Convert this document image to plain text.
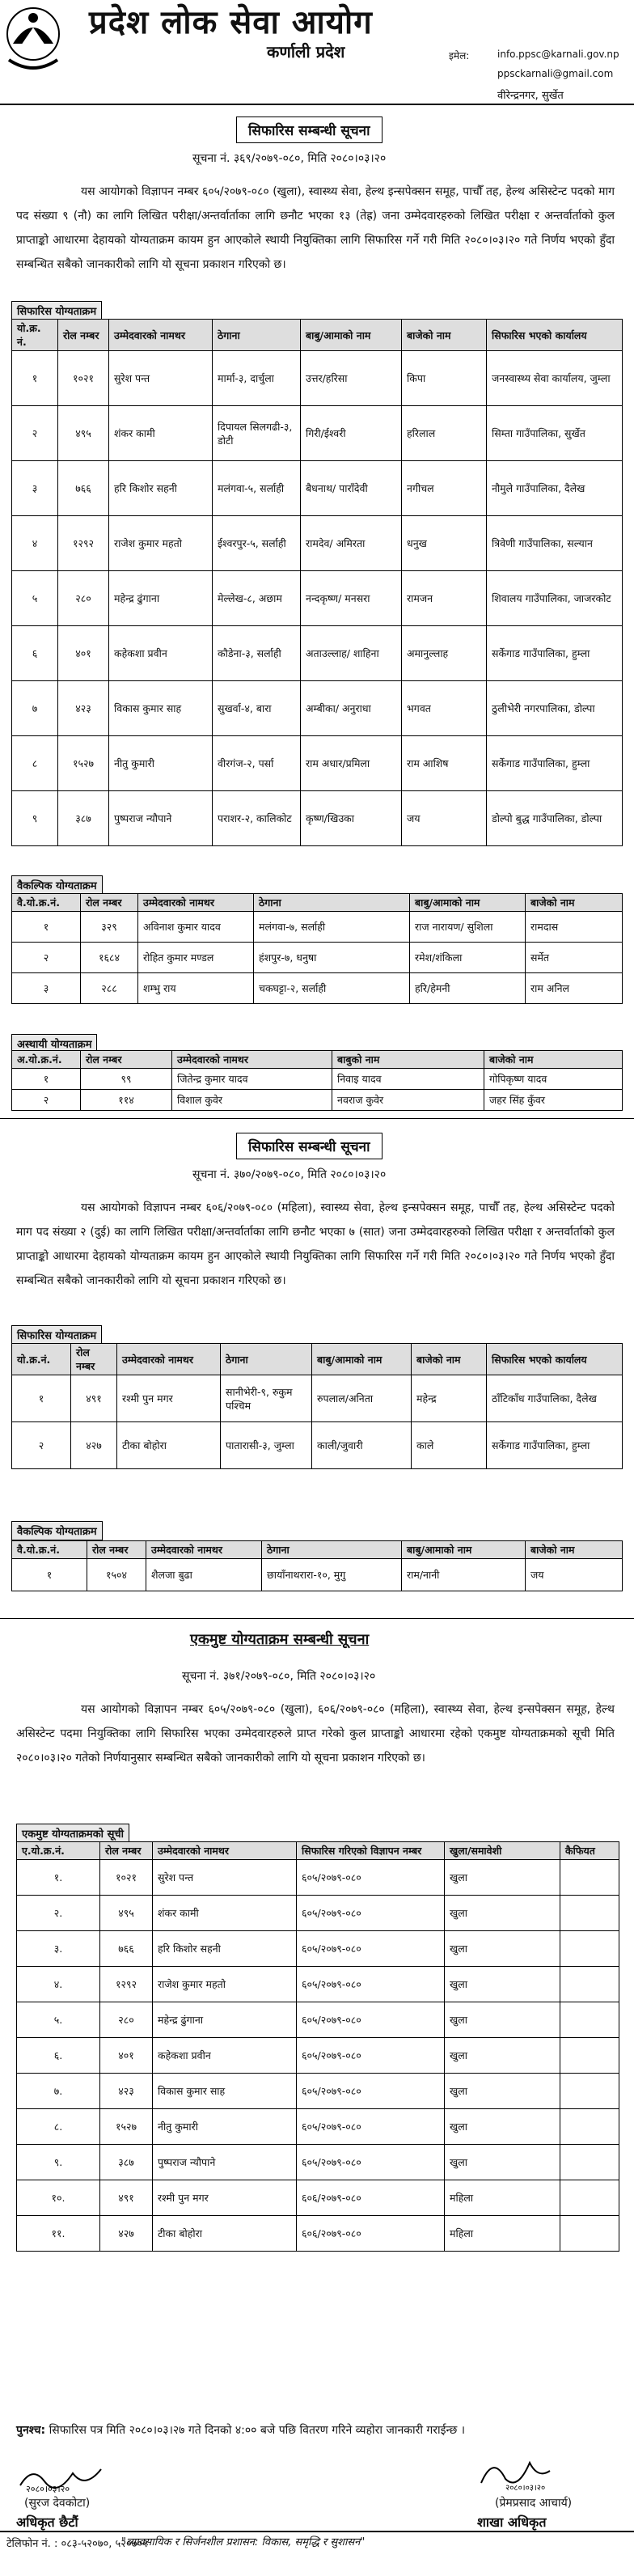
प्रदेश लोक सेवा आयोग
कर्णाली प्रदेश	इमेल:	info.ppsc@karnali.gov.np
ppsckarnali@gmail.com
वीरेन्द्रनगर, सुर्खेत
सिफारिस सम्बन्धी सूचना
सूचना नं. ३६९/२०७९-०८०, मिति २०८०।०३।२०
यस आयोगको विज्ञापन नम्बर ६०५/२०७९-०८० (खुला), स्वास्थ्य सेवा, हेल्थ इन्सपेक्सन समूह, पाचौँ तह, हेल्थ असिस्टेन्ट पदको माग पद संख्या ९ (नौ) का लागि लिखित परीक्षा/अन्तर्वार्ताका लागि छनौट भएका १३ (तेह्र) जना उम्मेदवारहरुको लिखित परीक्षा र अन्तर्वार्ताको कुल प्राप्ताङ्को आधारमा देहायको योग्यताक्रम कायम हुन आएकोले स्थायी नियुक्तिका लागि सिफारिस गर्ने गरी मिति २०८०।०३।२० गते निर्णय भएको हुँदा सम्बन्धित सबैको जानकारीको लागि यो सूचना प्रकाशन गरिएको छ।
सिफारिस योग्यताक्रम
यो.क्र. नं.	रोल नम्बर	उम्मेदवारको नामथर	ठेगाना	बाबु/आमाको नाम	बाजेको नाम	सिफारिस भएको कार्यालय
१	१०२१	सुरेश पन्त	मार्मा-३, दार्चुला	उत्तर/हरिसा	किपा	जनस्वास्थ्य सेवा कार्यालय, जुम्ला
२	४९५	शंकर कामी	दिपायल सिलगढी-३, डोटी	गिरी/ईश्वरी	हरिलाल	सिम्ता गाउँपालिका, सुर्खेत
३	७६६	हरि किशोर सहनी	मलंगवा-५, सर्लाही	बैधनाथ/ पाराँदेवी	नगीचल	नौमुले गाउँपालिका, दैलेख
४	१२९२	राजेश कुमार महतो	ईश्वरपुर-५, सर्लाही	रामदेव/ अमिरता	धनुख	त्रिवेणी गाउँपालिका, सल्यान
५	२८०	महेन्द्र ढुंगाना	मेल्लेख-८, अछाम	नन्दकृष्ण/ मनसरा	रामजन	शिवालय गाउँपालिका, जाजरकोट
६	४०१	कहेकशा प्रवीन	कौडेना-३, सर्लाही	अताउल्लाह/ शाहिना	अमानुल्लाह	सर्केगाड गाउँपालिका, हुम्ला
७	४२३	विकास कुमार साह	सुखर्वा-४, बारा	अम्बीका/ अनुराधा	भगवत	ठुलीभेरी नगरपालिका, डोल्पा
८	१५२७	नीतु कुमारी	वीरगंज-२, पर्सा	राम अधार/प्रमिला	राम आशिष	सर्केगाड गाउँपालिका, हुम्ला
९	३८७	पुष्पराज न्यौपाने	पराशर-२, कालिकोट	कृष्ण/खिउका	जय	डोल्पो बुद्ध गाउँपालिका, डोल्पा
वैकल्पिक योग्यताक्रम
वै.यो.क्र.नं.	रोल नम्बर	उम्मेदवारको नामथर	ठेगाना	बाबु/आमाको नाम	बाजेको नाम
१	३२९	अविनाश कुमार यादव	मलंगवा-७, सर्लाही	राज नारायण/ सुशिला	रामदास
२	१६८४	रोहित कुमार मण्डल	हंशपुर-७, धनुषा	रमेश/शंकिला	सर्मेत
३	२८८	शम्भु राय	चकघट्टा-२, सर्लाही	हरि/हेमनी	राम अनिल
अस्थायी योग्यताक्रम
अ.यो.क्र.नं.	रोल नम्बर	उम्मेदवारको नामथर	बाबुको नाम	बाजेको नाम
१	९९	जितेन्द्र कुमार यादव	निवाइ यादव	गोपिकृष्ण यादव
२	११४	विशाल कुवेर	नवराज कुवेर	जहर सिंह कुँवर
सिफारिस सम्बन्धी सूचना
सूचना नं. ३७०/२०७९-०८०, मिति २०८०।०३।२०
यस आयोगको विज्ञापन नम्बर ६०६/२०७९-०८० (महिला), स्वास्थ्य सेवा, हेल्थ इन्सपेक्सन समूह, पाचौँ तह, हेल्थ असिस्टेन्ट पदको माग पद संख्या २ (दुई) का लागि लिखित परीक्षा/अन्तर्वार्ताका लागि छनौट भएका ७ (सात) जना उम्मेदवारहरुको लिखित परीक्षा र अन्तर्वार्ताको कुल प्राप्ताङ्को आधारमा देहायको योग्यताक्रम कायम हुन आएकोले स्थायी नियुक्तिका लागि सिफारिस गर्ने गरी मिति २०८०।०३।२० गते निर्णय भएको हुँदा सम्बन्धित सबैको जानकारीको लागि यो सूचना प्रकाशन गरिएको छ।
सिफारिस योग्यताक्रम
यो.क्र.नं.	रोल नम्बर	उम्मेदवारको नामथर	ठेगाना	बाबु/आमाको नाम	बाजेको नाम	सिफारिस भएको कार्यालय
१	४९१	रश्मी पुन मगर	सानीभेरी-९, रुकुम पश्चिम	रुपलाल/अनिता	महेन्द्र	ठाँटिकाँध गाउँपालिका, दैलेख
२	४२७	टीका बोहोरा	पातारासी-३, जुम्ला	काली/जुवारी	काले	सर्केगाड गाउँपालिका, हुम्ला
वैकल्पिक योग्यताक्रम
वै.यो.क्र.नं.	रोल नम्बर	उम्मेदवारको नामथर	ठेगाना	बाबु/आमाको नाम	बाजेको नाम
१	१५०४	शैलजा बुढा	छायाँनाथरारा-१०, मुगु	राम/नानी	जय
एकमुष्ट योग्यताक्रम सम्बन्धी सूचना
सूचना नं. ३७१/२०७९-०८०, मिति २०८०।०३।२०
यस आयोगको विज्ञापन नम्बर ६०५/२०७९-०८० (खुला), ६०६/२०७९-०८० (महिला), स्वास्थ्य सेवा, हेल्थ इन्सपेक्सन समूह, हेल्थ असिस्टेन्ट पदमा नियुक्तिका लागि सिफारिस भएका उम्मेदवारहरुले प्राप्त गरेको कुल प्राप्ताङ्को आधारमा रहेको एकमुष्ट योग्यताक्रमको सूची मिति २०८०।०३।२० गतेको निर्णयानुसार सम्बन्धित सबैको जानकारीको लागि यो सूचना प्रकाशन गरिएको छ।
एकमुष्ट योग्यताक्रमको सूची
ए.यो.क्र.नं.	रोल नम्बर	उम्मेदवारको नामथर	सिफारिस गरिएको विज्ञापन नम्बर	खुला/समावेशी	कैफियत
१.	१०२१	सुरेश पन्त	६०५/२०७९-०८०	खुला	
२.	४९५	शंकर कामी	६०५/२०७९-०८०	खुला	
३.	७६६	हरि किशोर सहनी	६०५/२०७९-०८०	खुला	
४.	१२९२	राजेश कुमार महतो	६०५/२०७९-०८०	खुला	
५.	२८०	महेन्द्र ढुंगाना	६०५/२०७९-०८०	खुला	
६.	४०१	कहेकशा प्रवीन	६०५/२०७९-०८०	खुला	
७.	४२३	विकास कुमार साह	६०५/२०७९-०८०	खुला	
८.	१५२७	नीतु कुमारी	६०५/२०७९-०८०	खुला	
९.	३८७	पुष्पराज न्यौपाने	६०५/२०७९-०८०	खुला	
१०.	४९१	रश्मी पुन मगर	६०६/२०७९-०८०	महिला	
११.	४२७	टीका बोहोरा	६०६/२०७९-०८०	महिला	
पुनश्च: सिफारिस पत्र मिति २०८०।०३।२७ गते दिनको ४:०० बजे पछि वितरण गरिने व्यहोरा जानकारी गराईन्छ ।
२०८०।०३।२०
(सुरज देवकोटा)
अधिकृत छैटौं
२०८०।०३।२०
(प्रेमप्रसाद आचार्य)
शाखा अधिकृत
टेलिफोन नं. : ०८३-५२०७०, ५२०७०१
"व्यावसायिक र सिर्जनशील प्रशासन: विकास, समृद्धि र सुशासन"
